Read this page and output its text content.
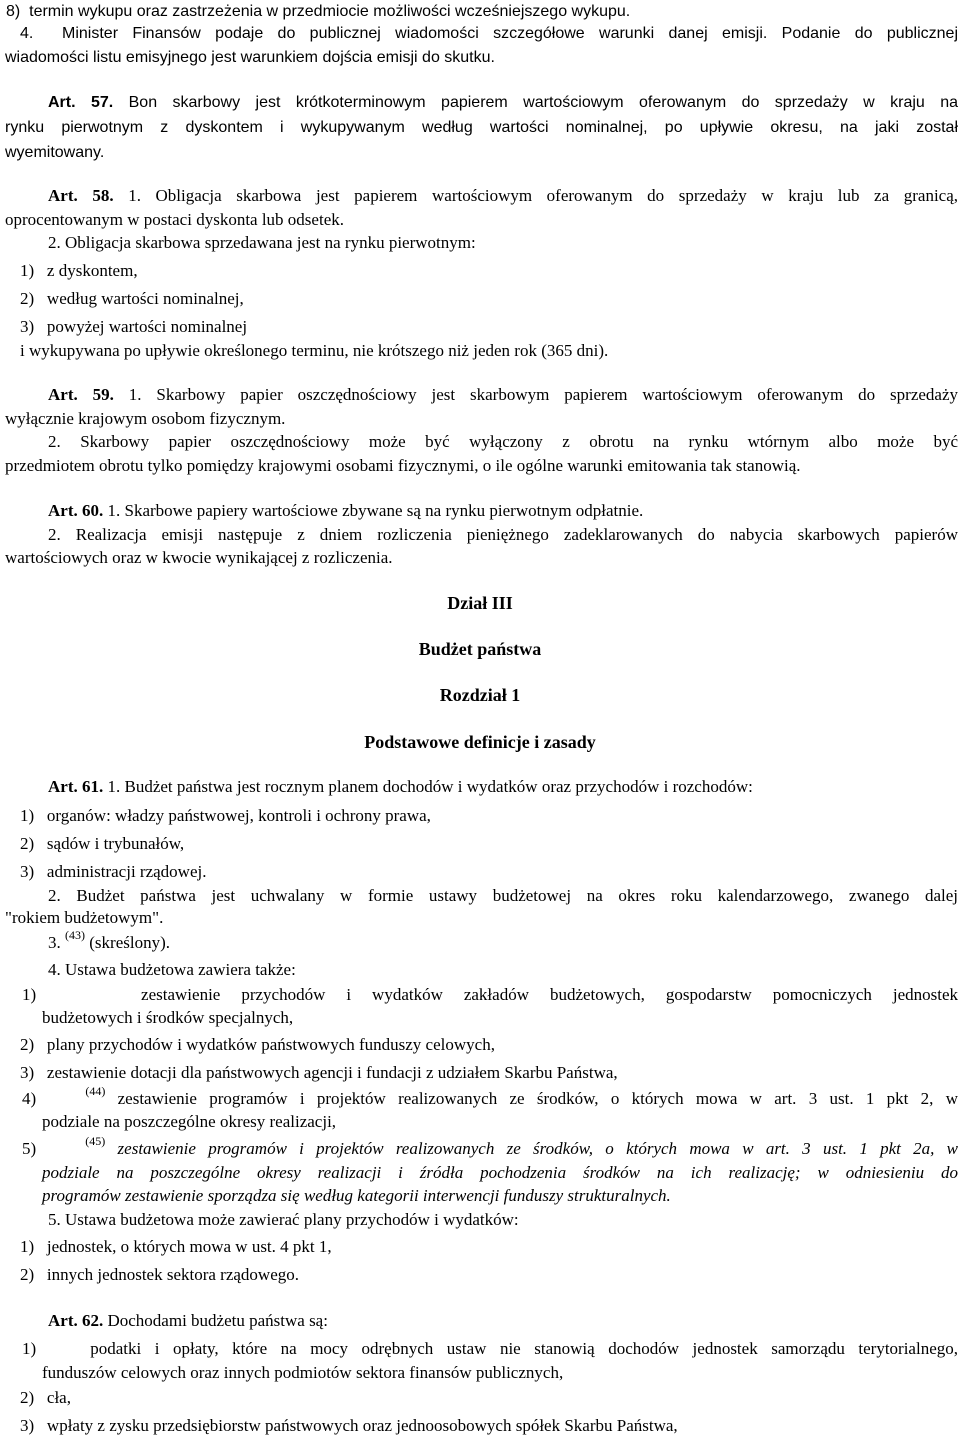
8)  termin wykupu oraz zastrzeżenia w przedmiocie możliwości wcześniejszego wykupu.
4.  Minister Finansów podaje do publicznej wiadomości szczegółowe warunki danej emisji. Podanie do publicznej
wiadomości listu emisyjnego jest warunkiem dojścia emisji do skutku.
Art. 57. Bon skarbowy jest krótkoterminowym papierem wartościowym oferowanym do sprzedaży w kraju na
rynku pierwotnym z dyskontem i wykupywanym według wartości nominalnej, po upływie okresu, na jaki został
wyemitowany.
Art. 58. 1. Obligacja skarbowa jest papierem wartościowym oferowanym do sprzedaży w kraju lub za granicą,
oprocentowanym w postaci dyskonta lub odsetek.
2. Obligacja skarbowa sprzedawana jest na rynku pierwotnym:
1)   z dyskontem,
2)   według wartości nominalnej,
3)   powyżej wartości nominalnej
i wykupywana po upływie określonego terminu, nie krótszego niż jeden rok (365 dni).
Art. 59. 1. Skarbowy papier oszczędnościowy jest skarbowym papierem wartościowym oferowanym do sprzedaży
wyłącznie krajowym osobom fizycznym.
2. Skarbowy papier oszczędnościowy może być wyłączony z obrotu na rynku wtórnym albo może być
przedmiotem obrotu tylko pomiędzy krajowymi osobami fizycznymi, o ile ogólne warunki emitowania tak stanowią.
Art. 60. 1. Skarbowe papiery wartościowe zbywane są na rynku pierwotnym odpłatnie.
2. Realizacja emisji następuje z dniem rozliczenia pieniężnego zadeklarowanych do nabycia skarbowych papierów
wartościowych oraz w kwocie wynikającej z rozliczenia.
Art. 61. 1. Budżet państwa jest rocznym planem dochodów i wydatków oraz przychodów i rozchodów:
1)   organów: władzy państwowej, kontroli i ochrony prawa,
2)   sądów i trybunałów,
3)   administracji rządowej.
2. Budżet państwa jest uchwalany w formie ustawy budżetowej na okres roku kalendarzowego, zwanego dalej
"rokiem budżetowym".
3. $^{(43)}$ (skreślony).
4. Ustawa budżetowa zawiera także:
1)     zestawienie przychodów i wydatków zakładów budżetowych, gospodarstw pomocniczych jednostek
budżetowych i środków specjalnych,
2)   plany przychodów i wydatków państwowych funduszy celowych,
3)   zestawienie dotacji dla państwowych agencji i fundacji z udziałem Skarbu Państwa,
4)    $^{(44)}$ zestawienie programów i projektów realizowanych ze środków, o których mowa w art. 3 ust. 1 pkt 2, w
podziale na poszczególne okresy realizacji,
5)    $^{(45)}$ zestawienie programów i projektów realizowanych ze środków, o których mowa w art. 3 ust. 1 pkt 2a, w
podziale na poszczególne okresy realizacji i źródła pochodzenia środków na ich realizację; w odniesieniu do
programów zestawienie sporządza się według kategorii interwencji funduszy strukturalnych.
5. Ustawa budżetowa może zawierać plany przychodów i wydatków:
1)   jednostek, o których mowa w ust. 4 pkt 1,
2)   innych jednostek sektora rządowego.
Art. 62. Dochodami budżetu państwa są:
1)    podatki i opłaty, które na mocy odrębnych ustaw nie stanowią dochodów jednostek samorządu terytorialnego,
funduszów celowych oraz innych podmiotów sektora finansów publicznych,
2)   cła,
3)   wpłaty z zysku przedsiębiorstw państwowych oraz jednoosobowych spółek Skarbu Państwa,
Dział III
Budżet państwa
Rozdział 1
Podstawowe definicje i zasady
